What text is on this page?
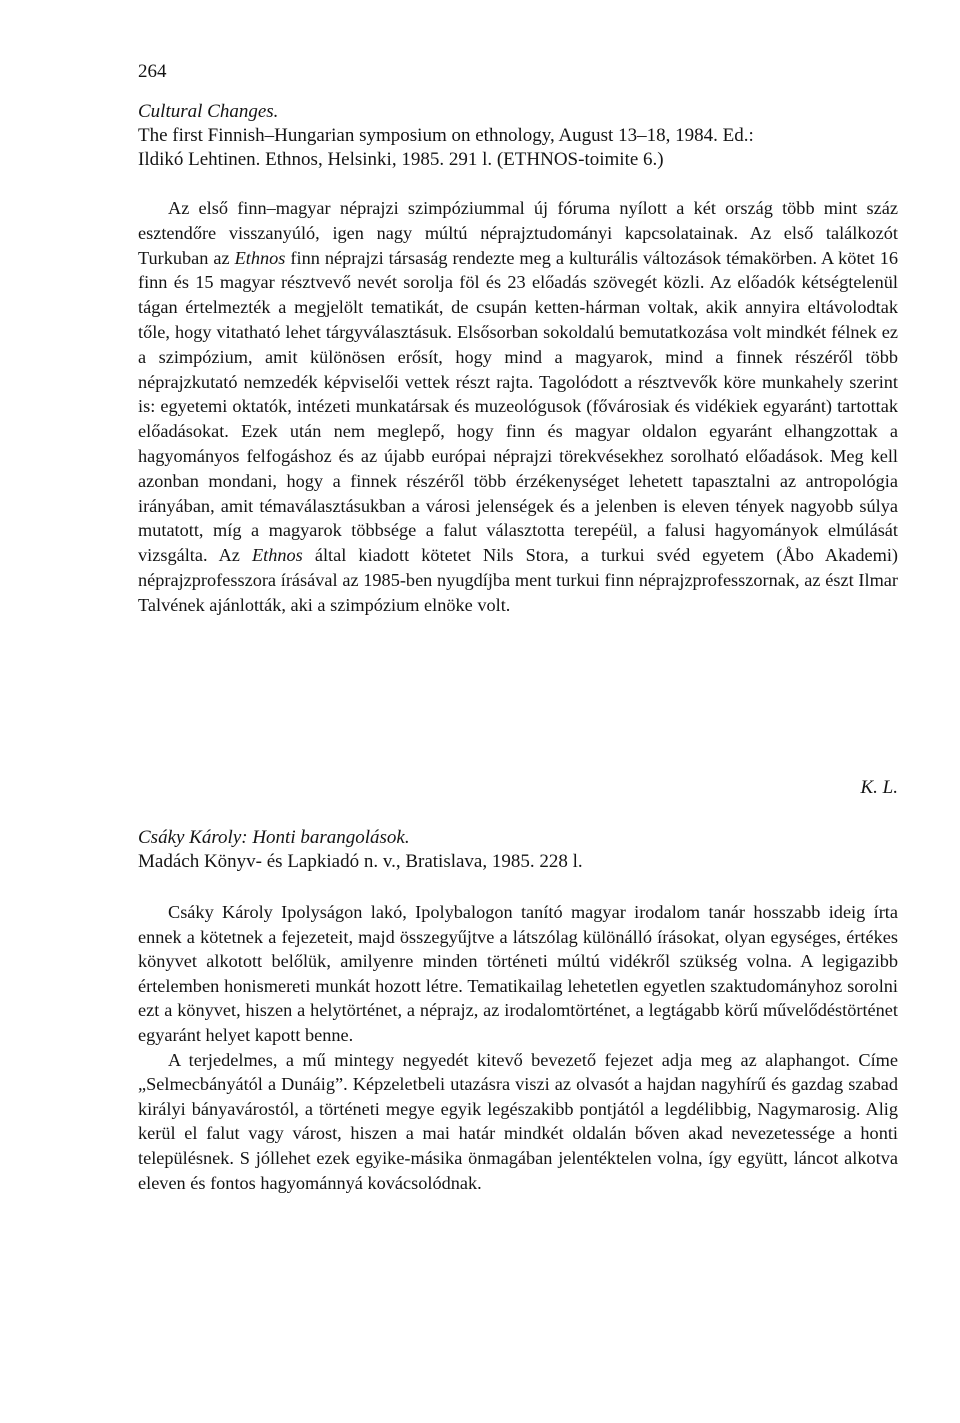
264

Cultural Changes.

The first Finnish–Hungarian symposium on ethnology, August 13–18, 1984. Ed.:

Ildikó Lehtinen. Ethnos, Helsinki, 1985. 291 l. (ETHNOS-toimite 6.)

Az első finn–magyar néprajzi szimpóziummal új fóruma nyílott a két ország több mint száz esztendőre visszanyúló, igen nagy múltú néprajztudományi kapcsolatainak. Az első találkozót Turkuban az Ethnos finn néprajzi társaság rendezte meg a kulturális változások témakörben. A kötet 16 finn és 15 magyar résztvevő nevét sorolja föl és 23 előadás szövegét közli. Az előadók kétségtelenül tágan értelmezték a megjelölt tematikát, de csupán ketten-hárman voltak, akik annyira eltávolodtak tőle, hogy vitatható lehet tárgyválasztásuk. Elsősorban sokoldalú bemutatkozása volt mindkét félnek ez a szimpózium, amit különösen erősít, hogy mind a magyarok, mind a finnek részéről több néprajzkutató nemzedék képviselői vettek részt rajta. Tagolódott a résztvevők köre munkahely szerint is: egyetemi oktatók, intézeti munkatársak és muzeológusok (fővárosiak és vidékiek egyaránt) tartottak előadásokat. Ezek után nem meglepő, hogy finn és magyar oldalon egyaránt elhangzottak a hagyományos felfogáshoz és az újabb európai néprajzi törekvésekhez sorolható előadások. Meg kell azonban mondani, hogy a finnek részéről több érzékenységet lehetett tapasztalni az antropológia irányában, amit témaválasztásukban a városi jelenségek és a jelenben is eleven tények nagyobb súlya mutatott, míg a magyarok többsége a falut választotta terepéül, a falusi hagyományok elmúlását vizsgálta. Az Ethnos által kiadott kötetet Nils Stora, a turkui svéd egyetem (Åbo Akademi) néprajzprofesszora írásával az 1985-ben nyugdíjba ment turkui finn néprajzprofesszornak, az észt Ilmar Talvének ajánlották, aki a szimpózium elnöke volt.

K. L.

Csáky Károly: Honti barangolások.

Madách Könyv- és Lapkiadó n. v., Bratislava, 1985. 228 l.

Csáky Károly Ipolyságon lakó, Ipolybalogon tanító magyar irodalom tanár hosszabb ideig írta ennek a kötetnek a fejezeteit, majd összegyűjtve a látszólag különálló írásokat, olyan egységes, értékes könyvet alkotott belőlük, amilyenre minden történeti múltú vidékről szükség volna. A legigazibb értelemben honismereti munkát hozott létre. Tematikailag lehetetlen egyetlen szaktudományhoz sorolni ezt a könyvet, hiszen a helytörténet, a néprajz, az irodalomtörténet, a legtágabb körű művelődéstörténet egyaránt helyet kapott benne.

A terjedelmes, a mű mintegy negyedét kitevő bevezető fejezet adja meg az alaphangot. Címe „Selmecbányától a Dunáig”. Képzeletbeli utazásra viszi az olvasót a hajdan nagyhírű és gazdag szabad királyi bányavárostól, a történeti megye egyik legészakibb pontjától a legdélibbig, Nagymarosig. Alig kerül el falut vagy várost, hiszen a mai határ mindkét oldalán bőven akad nevezetessége a honti településnek. S jóllehet ezek egyike-másika önmagában jelentéktelen volna, így együtt, láncot alkotva eleven és fontos hagyománnyá kovácsolódnak.
